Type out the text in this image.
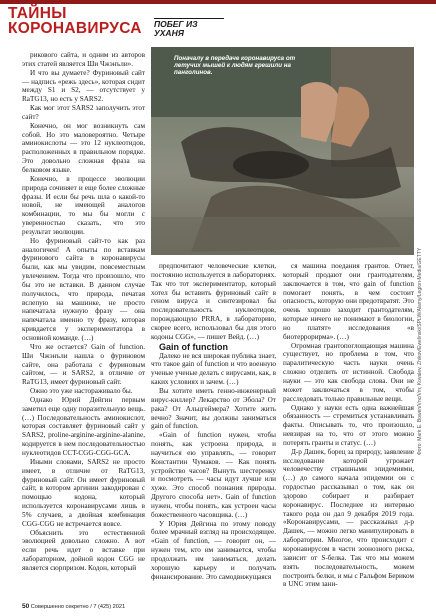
ТАЙНЫ КОРОНАВИРУСА	ПОБЕГ ИЗ УХАНЯ

рикового сайта, и одним из авторов этих статей является Ши Чжэнъли».

И что вы думаете? Фуриновый сайт — надпись «режь здесь», которая сидит между S1 и S2, — отсутствует у RaTG13, но есть у SARS2.

Как мог этот SARS2 заполучить этот сайт?

Конечно, он мог возникнуть сам собой. Но это маловероятно. Четыре аминокислоты — это 12 нуклеотидов, расположенных в правильном порядке. Это довольно сложная фраза на белковом языке.

Конечно, в процессе эволюции природа сочиняет и еще более сложные фразы. И если бы речь шла о какой-то новой, не имеющей аналогов комбинации, то мы бы могли с уверенностью сказать, что это результат эволюции.

Но фуриновый сайт-то как раз аналогичен! А опыты по вставкам фуринового сайта в коронавирусы были, как мы увидим, повсеместным увлечением. Тогда что произошло, что бы это не вставки. В данном случае получилось, что природа, печатая вслепую на машинке, не просто напечатала нужную фразу — она напечатала именно ту фразу, которая кривдается у экспериментатора в основной команде. (…)

Что же остается? Gain of function. Ши Чжэнъли нашла о фуриновом сайте, она работала с фуриновым сайтом, — и SARS2, в отличие от RaTG13, имеет фуриновый сайт.

Ожно это уже настораживало бы.

Однако Юрий Дейгин первым заметил еще одну поразительную вещь. (…) Последовательность аминокислот, которая составляет фуриновый сайт у SARS2, proline-arginine-arginine-alanine, кодируется в нем последовательностью нуклеотидов CCT-CGG-CGG-GCA.

Иными словами, SARS2 не просто имеет, в отличие от RaTG13, фуриновый сайт. Он имеет фуриновый сайт, в котором аргинин закодирован с помощью кодона, который используется коронавирусами лишь в 5% случаев, а двойная комбинация CGG-CGG не встречается вовсе.

Объяснить это естественной эволюцией довольно сложно. А вот если речь идет о вставке при лабораторном, дойной кодон CGG не является сюрпризом. Кодон, который

Поначалу в передаче коронавируса от летучих мышей к людям грешили на панголинов.
Фото: Mark E. Bowen/Vnc/Vm; Kovalev, Zhikov/Ewelinski/SPLW/Alamy/Legion-Media/GETTY

предпочитают человеческие клетки, постоянно используется в лабораториях. Так что тот экспериментатор, который хотел бы вставить фуриновый сайт в геном вируса и синтезировал бы последовательность нуклеотидов, порождающую PRRA, в лабораторию, скорее всего, использовал бы для этого кодоны CGG», — пишет Вейд. (…)

Gain of function

Далеко не вся широкая публика знает, что такое gain of function и что военную ученые ученые делать с вирусами, как, в каких условиях и зачем. (…)

Вы хотите иметь генно-инженерный вирус-киллер? Лекарство от Эбола? От рака? От Альцгеймера? Хотите жить вечно? Значит, вы должны заниматься gain of function.

«Gain of function нужен, чтобы понять, как устроена природа, и научиться ею управлять, — говорит Константин Чумаков. — Как понять устройство часов? Вынуть шестеренку и посмотреть — часы идут лучше или хуже. Это способ познания природы. Другого способа нет». Gain of function нужен, чтобы понять, как устроен часы божественного часовщика. (…)

У Юрия Дейгина по этому поводу более мрачный взгляд на происходящее. «Gain of function, — говорит он, — нужен тем, кто им занимается, чтобы продолжать им заниматься, делать хорошую карьеру и получать финансирование. Это самодвижущаяся

ся машина поедания грантов. Ответ, который продают они грантодателям, заключается в том, что gain of function помогает понять, в чем состоит опасность, которую они предотвратят. Это очень хорошо заходит грантодателям, которые ничего не понимают в биологии, но платят» исследования «в биотеррорирма». (…)

Огромная грантопоглощающая машина существует, но проблема в том, что паралитическую часть науки очень сложно отделить от истинной. Свобода науки — это как свобода слова. Они не может заключаться в том, чтобы расследовать только правильные вещи.

Однако у науки есть одна важнейшая обязанность — стремиться устанавливать факты. Описывать то, что произошло, невзирая на то, что от этого можно потерять гранты и статус. (…)

Д-р Дашек, борец за природу, заявление исследование которой угрожает человечеству страшными эпидемиями, (…) до самого начала эпидемии он с гордостью рассказывал о том, как он здорово собирает и разбирает коронавирус. Последнее из интервью такого рода он дал 9 декабря 2019 года. «Коронавирусами, — рассказывал д-р Дашек, — можно легко манипулировать в лаборатории. Многое, что происходит с коронавирусом в части зоонозного риска, зависит от S-белка. Так что мы можем взять последовательность, можем построить белки, и мы с Ральфом Бериком в UNC этим зани-

50 Совершенно секретно / 7 (425) 2021
